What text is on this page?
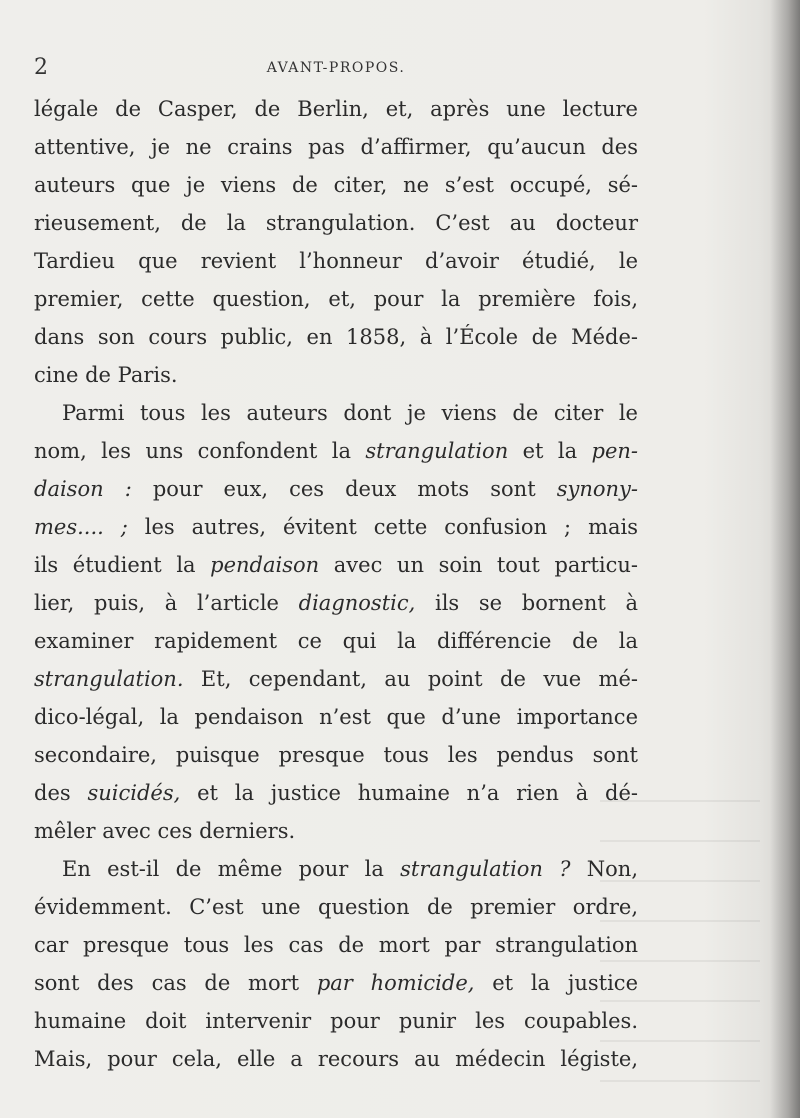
2	AVANT-PROPOS.
légale de Casper, de Berlin, et, après une lecture
attentive, je ne crains pas d’affirmer, qu’aucun des
auteurs que je viens de citer, ne s’est occupé, sé-
rieusement, de la strangulation. C’est au docteur
Tardieu que revient l’honneur d’avoir étudié, le
premier, cette question, et, pour la première fois,
dans son cours public, en 1858, à l’École de Méde-
cine de Paris.
Parmi tous les auteurs dont je viens de citer le
nom, les uns confondent la strangulation et la pen-
daison : pour eux, ces deux mots sont synony-
mes.... ; les autres, évitent cette confusion ; mais
ils étudient la pendaison avec un soin tout particu-
lier, puis, à l’article diagnostic, ils se bornent à
examiner rapidement ce qui la différencie de la
strangulation. Et, cependant, au point de vue mé-
dico-légal, la pendaison n’est que d’une importance
secondaire, puisque presque tous les pendus sont
des suicidés, et la justice humaine n’a rien à dé-
mêler avec ces derniers.
En est-il de même pour la strangulation ? Non,
évidemment. C’est une question de premier ordre,
car presque tous les cas de mort par strangulation
sont des cas de mort par homicide, et la justice
humaine doit intervenir pour punir les coupables.
Mais, pour cela, elle a recours au médecin légiste,
